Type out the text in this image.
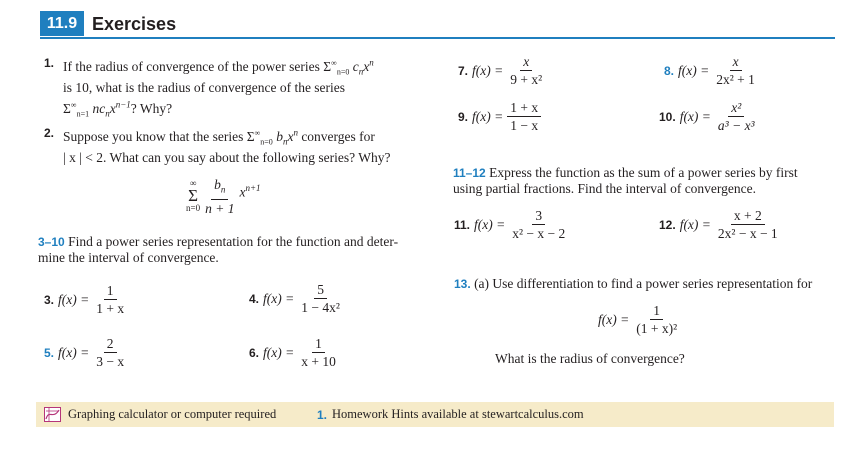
11.9 Exercises
1. If the radius of convergence of the power series $\Sigma^\infty_{n=0}$ $c_nx^n$
is 10, what is the radius of convergence of the series
$\Sigma^\infty_{n=1}$ $nc_nx^{n-1}$? Why?
2. Suppose you know that the series $\Sigma^\infty_{n=0}$ $b_nx^n$ converges for
| x | < 2. What can you say about the following series? Why?
∞
Σ
$n=0 \frac{b_n}{n + 1} x^{n+1}$
3–10 Find a power series representation for the function and deter-
mine the interval of convergence.
3. $f(x) = \frac{1}{1 + x}$	4. $f(x) = \frac{5}{\text{1 − 4x²}}$
5. $f(x) = \frac{2}{3 - x}$	6. $f(x) = \frac{1}{x + 10}$
7. $f(x) = \frac{x}{\text{9 + x²}}$	8. $f(x) = \frac{x}{\text{2x² + 1}}$
9. $f(x) = \frac{1 + x}{1 - x}$	10. $f(x) = \frac{\text{x²}}{\text{a³ − x³}}$
11–12 Express the function as the sum of a power series by first
using partial fractions. Find the interval of convergence.
11. $f(x) = \frac{3}{\text{x² − x − 2}}$	12. $f(x) = \frac{x + 2}{\text{2x² − x − 1}}$
13. (a) Use differentiation to find a power series representation for
$f(x) = \frac{1}{\text{(1 + x)²}}$
What is the radius of convergence?
Graphing calculator or computer required	1. Homework Hints available at stewartcalculus.com
